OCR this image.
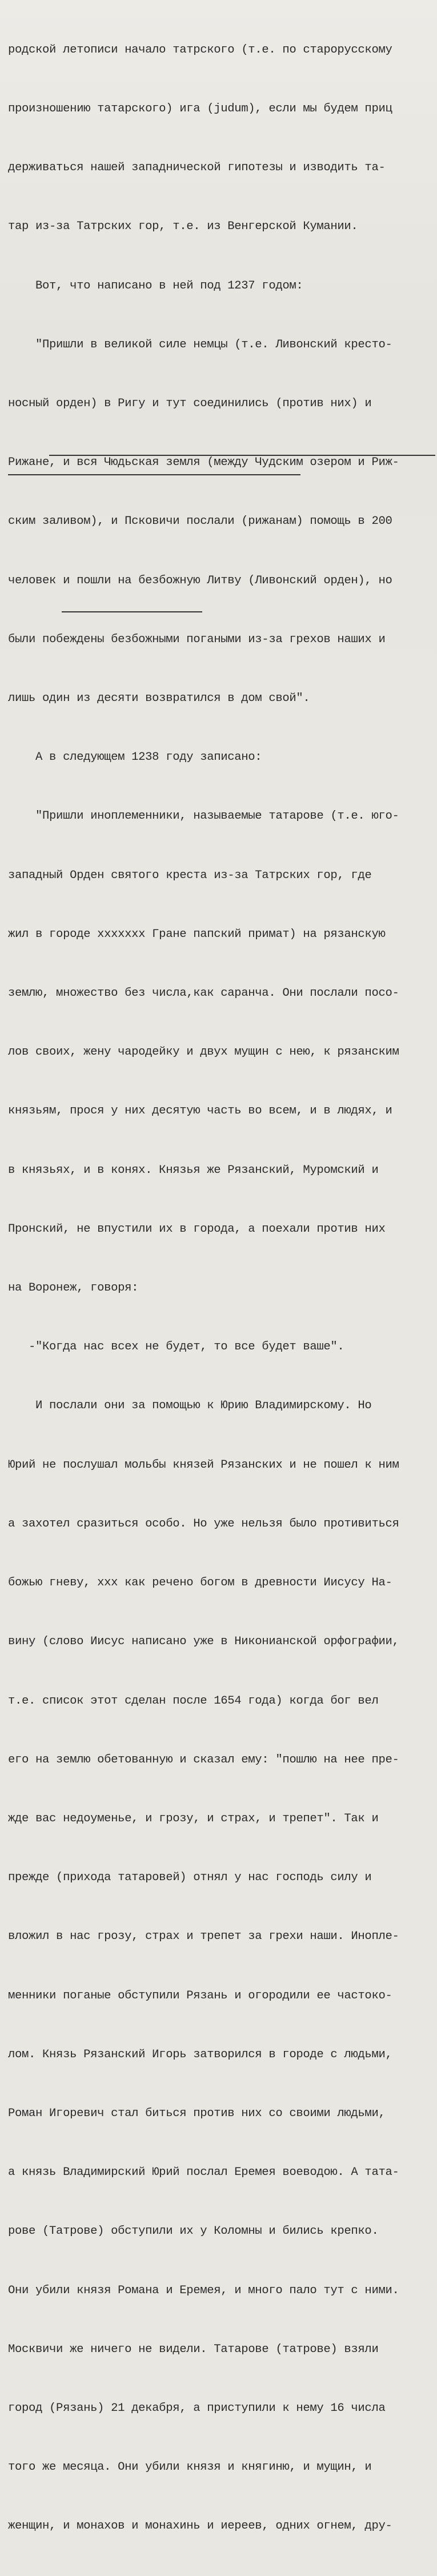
родской летописи начало татрского (т.е. по старорусскому

произношению татарского) ига (judum), если мы будем приц

держиваться нашей западнической гипотезы и изводить та-

тар из-за Татрских гор, т.е. из Венгерской Кумании.

Вот, что написано в ней под 1237 годом:

"Пришли в великой силе немцы (т.е. Ливонский кресто-

носный орден) в Ригу и тут соединились (против них) и

Рижане, и вся Чюдьская земля (между Чудским озером и Риж-

ским заливом), и Псковичи послали (рижанам) помощь в 200

человек и пошли на безбожную Литву (Ливонский орден), но

были побеждены безбожными погаными из-за грехов наших и

лишь один из десяти возвратился в дом свой".

А в следующем 1238 году записано:

"Пришли иноплеменники, называемые татарове (т.е. юго-

западный Орден святого креста из-за Татрских гор, где

жил в городе xxxxxxx Гране папский примат) на рязанскую

землю, множество без числа,как саранча. Они послали посо-

лов своих, жену чародейку и двух мущин с нею, к рязанским

князьям, прося у них десятую часть во всем, и в людях, и

в князьях, и в конях. Князья же Рязанский, Муромский и

Пронский, не впустили их в города, а поехали против них

на Воронеж, говоря:

-"Когда нас всех не будет, то все будет ваше".

И послали они за помощью к Юрию Владимирскому. Но

Юрий не послушал мольбы князей Рязанских и не пошел к ним

а захотел сразиться особо. Но уже нельзя было противиться

божью гневу, xxx как речено богом в древности Иисусу На-

вину (слово Иисус написано уже в Никонианской орфографии,

т.е. список этот сделан после 1654 года) когда бог вел

его на землю обетованную и сказал ему: "пошлю на нее пре-

жде вас недоуменье, и грозу, и страх, и трепет". Так и

прежде (прихода татаровей) отнял у нас господь силу и

вложил в нас грозу, страх и трепет за грехи наши. Инопле-

менники поганые обступили Рязань и огородили ее частоко-

лом. Князь Рязанский Игорь затворился в городе с людьми,

Роман Игоревич стал биться против них со своими людьми,

а князь Владимирский Юрий послал Еремея воеводою. А тата-

рове (Татрове) обступили их у Коломны и бились крепко.

Они убили князя Романа и Еремея, и много пало тут с ними.

Москвичи же ничего не видели. Татарове (татрове) взяли

город (Рязань) 21 декабря, а приступили к нему 16 числа

того же месяца. Они убили князя и княгиню, и мущин, и

женщин, и монахов и монахинь и иереев, одних огнем, дру-
